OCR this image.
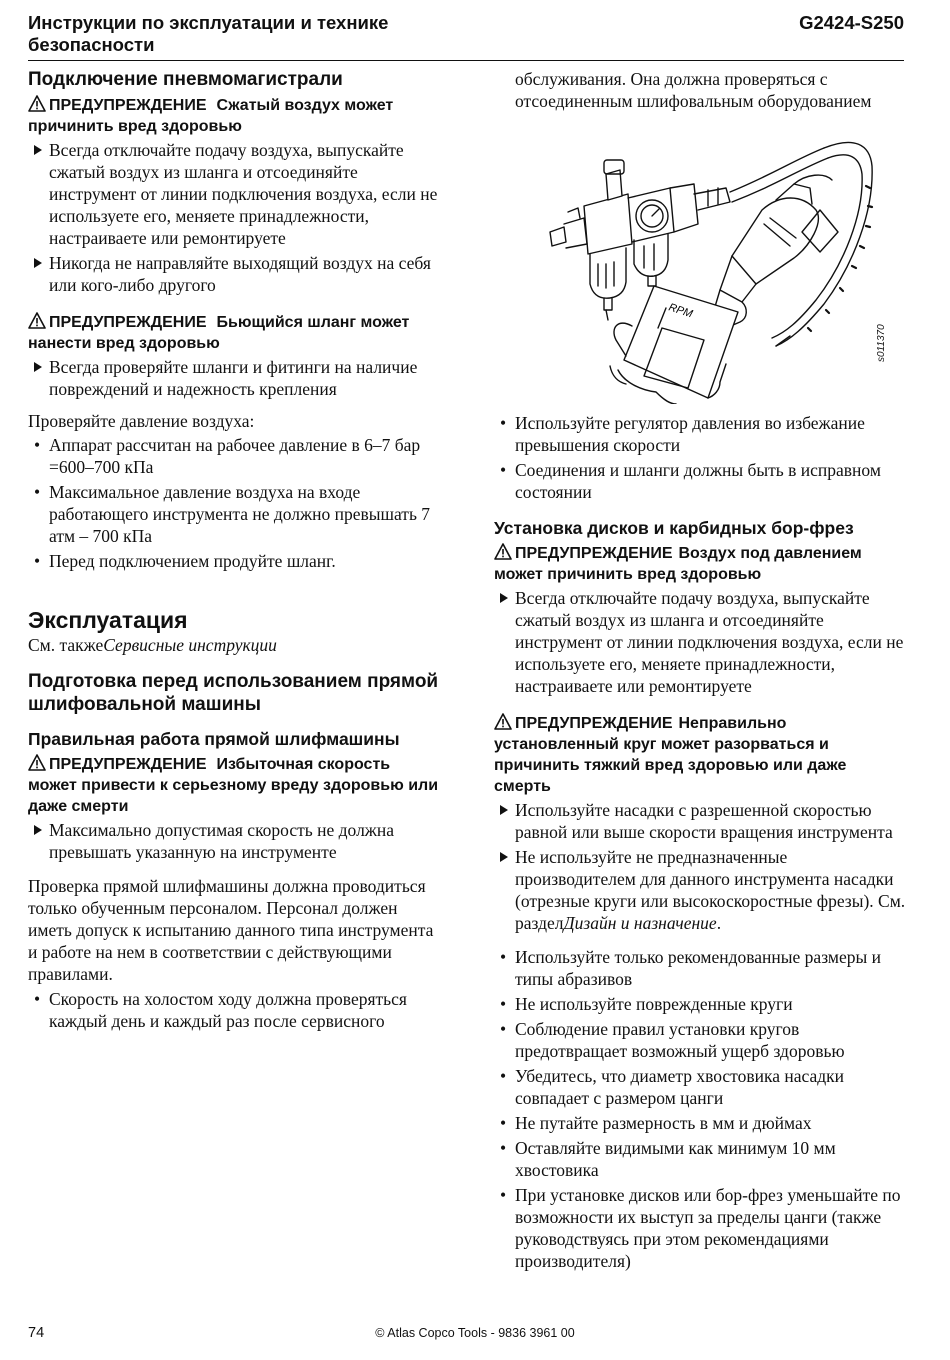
Инструкции по эксплуатации и технике безопасности
G2424-S250
Подключение пневмомагистрали
ПРЕДУПРЕЖДЕНИЕ Сжатый воздух может причинить вред здоровью
Всегда отключайте подачу воздуха, выпускайте сжатый воздух из шланга и отсоединяйте инструмент от линии подключения воздуха, если не используете его, меняете принадлежности, настраиваете или ремонтируете
Никогда не направляйте выходящий воздух на себя или кого-либо другого
ПРЕДУПРЕЖДЕНИЕ Бьющийся шланг может нанести вред здоровью
Всегда проверяйте шланги и фитинги на наличие повреждений и надежность крепления

Проверяйте давление воздуха:

• Аппарат рассчитан на рабочее давление в 6–7 бар =600–700 кПа
• Максимальное давление воздуха на входе работающего инструмента не должно превышать 7 атм – 700 кПа
• Перед подключением продуйте шланг.
Эксплуатация

См. такжеСервисные инструкции

Подготовка перед использованием прямой шлифовальной машины
Правильная работа прямой шлифмашины
ПРЕДУПРЕЖДЕНИЕ Избыточная скорость может привести к серьезному вреду здоровью или даже смерти
Максимально допустимая скорость не должна превышать указанную на инструменте

Проверка прямой шлифмашины должна проводиться только обученным персоналом. Персонал должен иметь допуск к испытанию данного типа инструмента и работе на нем в соответствии с действующими правилами.

• Скорость на холостом ходу должна проверяться каждый день и каждый раз после сервисного

обслуживания. Она должна проверяться с отсоединенным шлифовальным оборудованием

RPM
s011370
• Используйте регулятор давления во избежание превышения скорости
• Соединения и шланги должны быть в исправном состоянии
Установка дисков и карбидных бор-фрез
ПРЕДУПРЕЖДЕНИЕ Воздух под давлением может причинить вред здоровью
Всегда отключайте подачу воздуха, выпускайте сжатый воздух из шланга и отсоединяйте инструмент от линии подключения воздуха, если не используете его, меняете принадлежности, настраиваете или ремонтируете
ПРЕДУПРЕЖДЕНИЕ Неправильно установленный круг может разорваться и причинить тяжкий вред здоровью или даже смерть
Используйте насадки с разрешенной скоростью равной или выше скорости вращения инструмента
Не используйте не предназначенные производителем для данного инструмента насадки (отрезные круги или высокоскоростные фрезы). См. разделДизайн и назначение.
• Используйте только рекомендованные размеры и типы абразивов
• Не используйте поврежденные круги
• Соблюдение правил установки кругов предотвращает возможный ущерб здоровью
• Убедитесь, что диаметр хвостовика насадки совпадает с размером цанги
• Не путайте размерность в мм и дюймах
• Оставляйте видимыми как минимум 10 мм хвостовика
• При установке дисков или бор-фрез уменьшайте по возможности их выступ за пределы цанги (также руководствуясь при этом рекомендациями производителя)
74	© Atlas Copco Tools - 9836 3961 00
